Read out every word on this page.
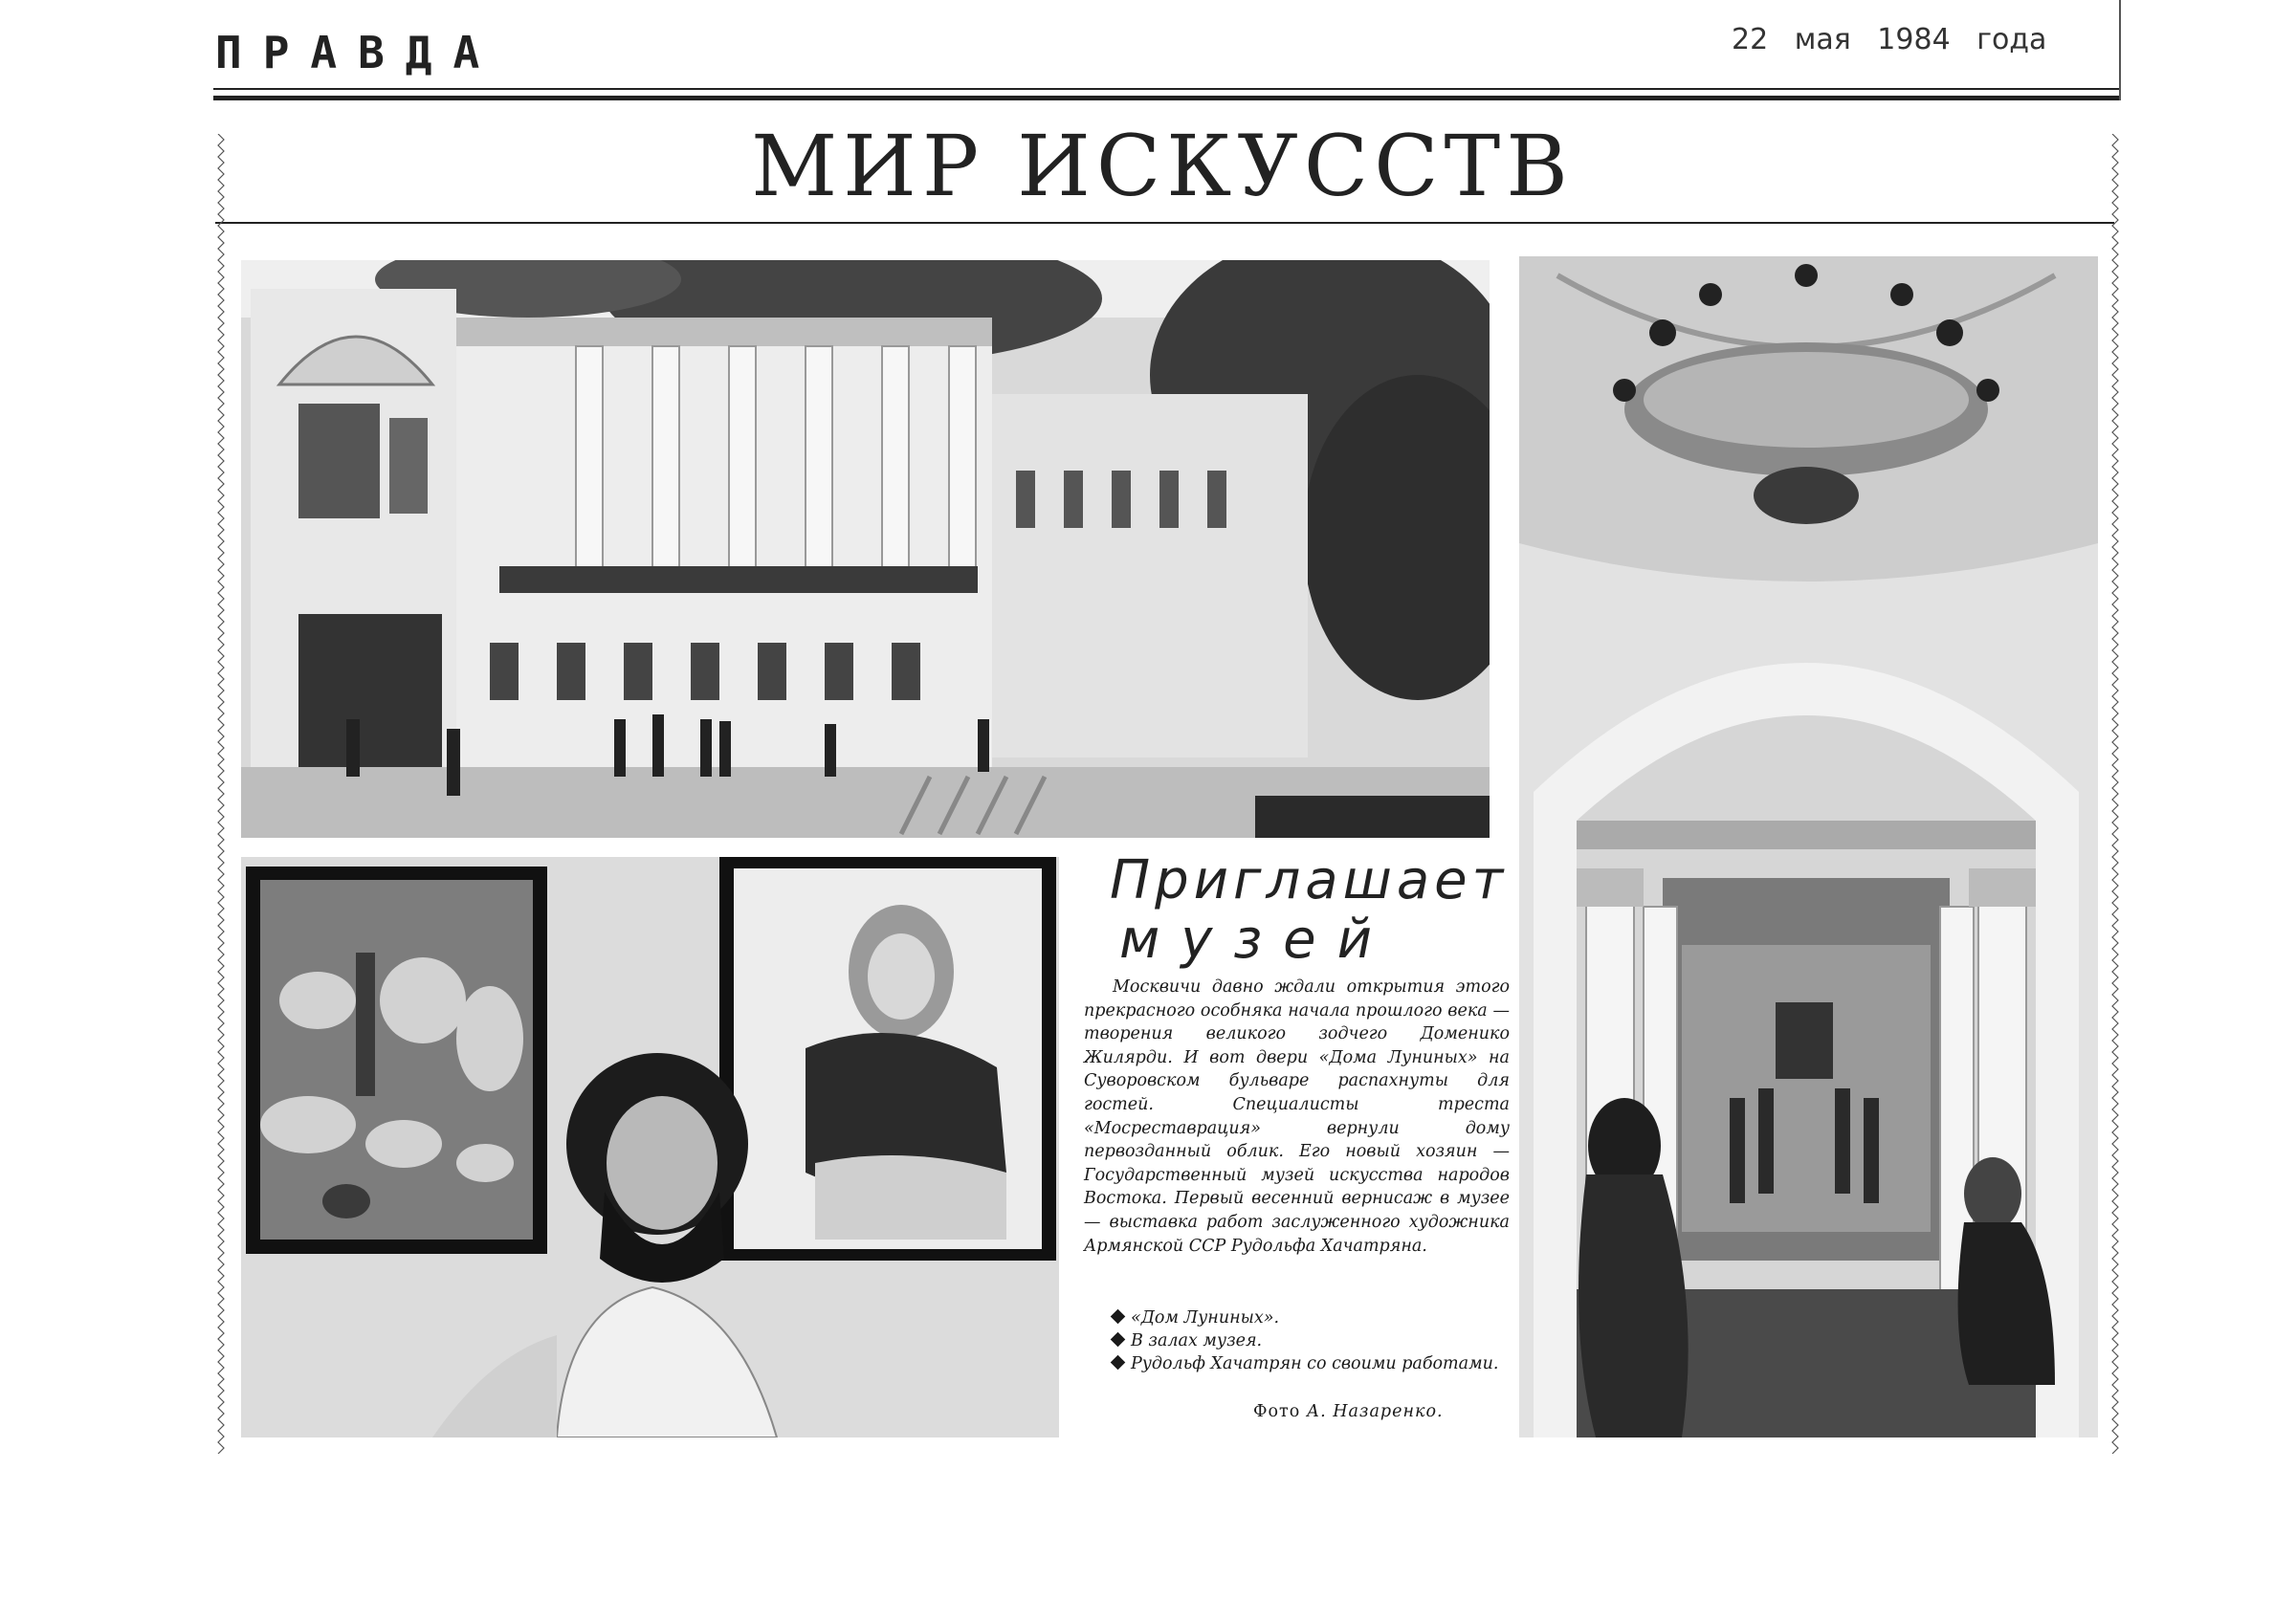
ПРАВДА	22 мая 1984 года
МИР ИСКУССТВ
Приглашает
музей
Москвичи давно ждали открытия этого прекрасного особняка начала прошлого века — творения великого зодчего Доменико Жилярди. И вот двери «Дома Луниных» на Суворовском бульваре распахнуты для гостей. Специалисты треста «Мосреставрация» вернули дому первозданный облик. Его новый хозяин — Государственный музей искусства народов Востока. Первый весенний вернисаж в музее — выставка работ заслуженного художника Армянской ССР Рудольфа Хачатряна.
«Дом Луниных».
В залах музея.
Рудольф Хачатрян со своими работами.
Фото А. Назаренко.
